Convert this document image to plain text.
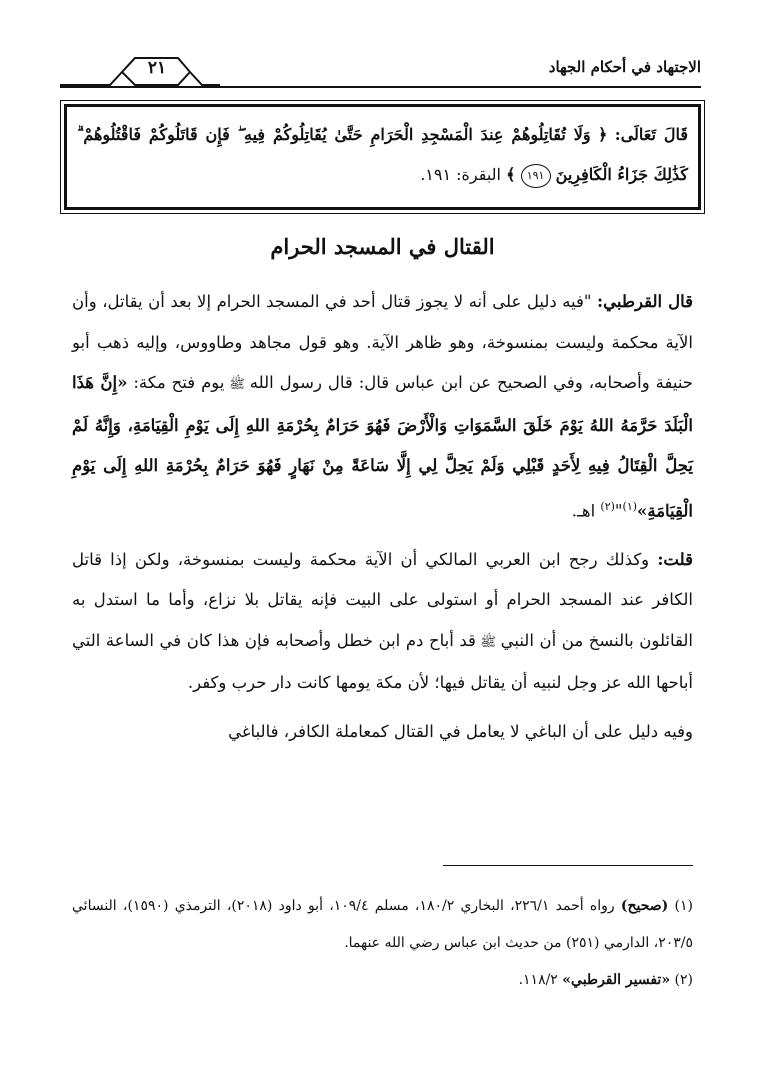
الاجتهاد في أحكام الجهاد
٢١
قَالَ تَعَالَى: ﴿ وَلَا تُقَاتِلُوهُمْ عِندَ الْمَسْجِدِ الْحَرَامِ حَتَّىٰ يُقَاتِلُوكُمْ فِيهِ ۖ فَإِن قَاتَلُوكُمْ فَاقْتُلُوهُمْ ۗ كَذَٰلِكَ جَزَاءُ الْكَافِرِينَ ١٩١ ﴾ البقرة: ١٩١.
القتال في المسجد الحرام

قال القرطبي: "فيه دليل على أنه لا يجوز قتال أحد في المسجد الحرام إلا بعد أن يقاتل، وأن الآية محكمة وليست بمنسوخة، وهو ظاهر الآية. وهو قول مجاهد وطاووس، وإليه ذهب أبو حنيفة وأصحابه، وفي الصحيح عن ابن عباس قال: قال رسول الله ﷺ يوم فتح مكة: «إِنَّ هَذَا الْبَلَدَ حَرَّمَهُ اللهُ يَوْمَ خَلَقَ السَّمَوَاتِ وَالْأَرْضَ فَهُوَ حَرَامٌ بِحُرْمَةِ اللهِ إِلَى يَوْمِ الْقِيَامَةِ، وَإِنَّهُ لَمْ يَحِلَّ الْقِتَالُ فِيهِ لِأَحَدٍ قَبْلِي وَلَمْ يَحِلَّ لِي إِلَّا سَاعَةً مِنْ نَهَارٍ فَهُوَ حَرَامٌ بِحُرْمَةِ اللهِ إِلَى يَوْمِ الْقِيَامَةِ»$^{(١)}$"$^{(٢)}$ اهـ.

قلت: وكذلك رجح ابن العربي المالكي أن الآية محكمة وليست بمنسوخة، ولكن إذا قاتل الكافر عند المسجد الحرام أو استولى على البيت فإنه يقاتل بلا نزاع، وأما ما استدل به القائلون بالنسخ من أن النبي ﷺ قد أباح دم ابن خطل وأصحابه فإن هذا كان في الساعة التي أباحها الله عز وجل لنبيه أن يقاتل فيها؛ لأن مكة يومها كانت دار حرب وكفر.

وفيه دليل على أن الباغي لا يعامل في القتال كمعاملة الكافر، فالباغي

(١) (صحيح) رواه أحمد ٢٢٦/١، البخاري ١٨٠/٢، مسلم ١٠٩/٤، أبو داود (٢٠١٨)، الترمذي (١٥٩٠)، النسائي ٢٠٣/٥، الدارمي (٢٥١) من حديث ابن عباس رضي الله عنهما.

(٢) «تفسير القرطبي» ١١٨/٢.
